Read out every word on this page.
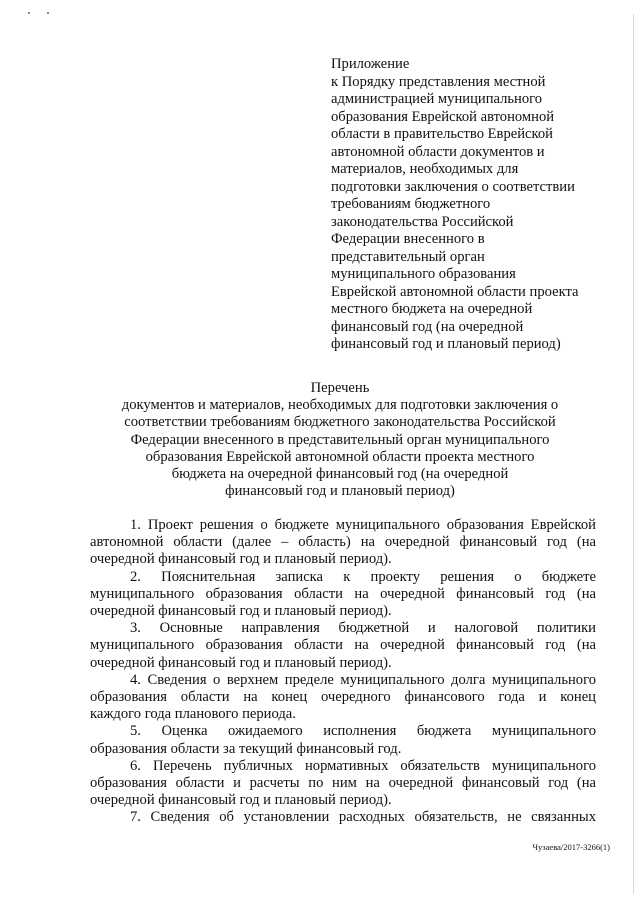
Приложение
к Порядку представления местной
администрацией муниципального
образования Еврейской автономной
области в правительство Еврейской
автономной области документов и
материалов, необходимых для
подготовки заключения о соответствии
требованиям бюджетного
законодательства Российской
Федерации внесенного в
представительный орган
муниципального образования
Еврейской автономной области проекта
местного бюджета на очередной
финансовый год (на очередной
финансовый год и плановый период)
Перечень
документов и материалов, необходимых для подготовки заключения о
соответствии требованиям бюджетного законодательства Российской
Федерации внесенного в представительный орган муниципального
образования Еврейской автономной области проекта местного
бюджета на очередной финансовый год (на очередной
финансовый год и плановый период)
1. Проект решения о бюджете муниципального образования Еврейской
автономной области (далее – область) на очередной финансовый год (на
очередной финансовый год и плановый период).
2. Пояснительная записка к проекту решения о бюджете
муниципального образования области на очередной финансовый год (на
очередной финансовый год и плановый период).
3. Основные направления бюджетной и налоговой политики
муниципального образования области на очередной финансовый год (на
очередной финансовый год и плановый период).
4. Сведения о верхнем пределе муниципального долга муниципального
образования области на конец очередного финансового года и конец
каждого года планового периода.
5. Оценка ожидаемого исполнения бюджета муниципального
образования области за текущий финансовый год.
6. Перечень публичных нормативных обязательств муниципального
образования области и расчеты по ним на очередной финансовый год (на
очередной финансовый год и плановый период).
7. Сведения об установлении расходных обязательств, не связанных
Чузаева/2017-3266(1)
